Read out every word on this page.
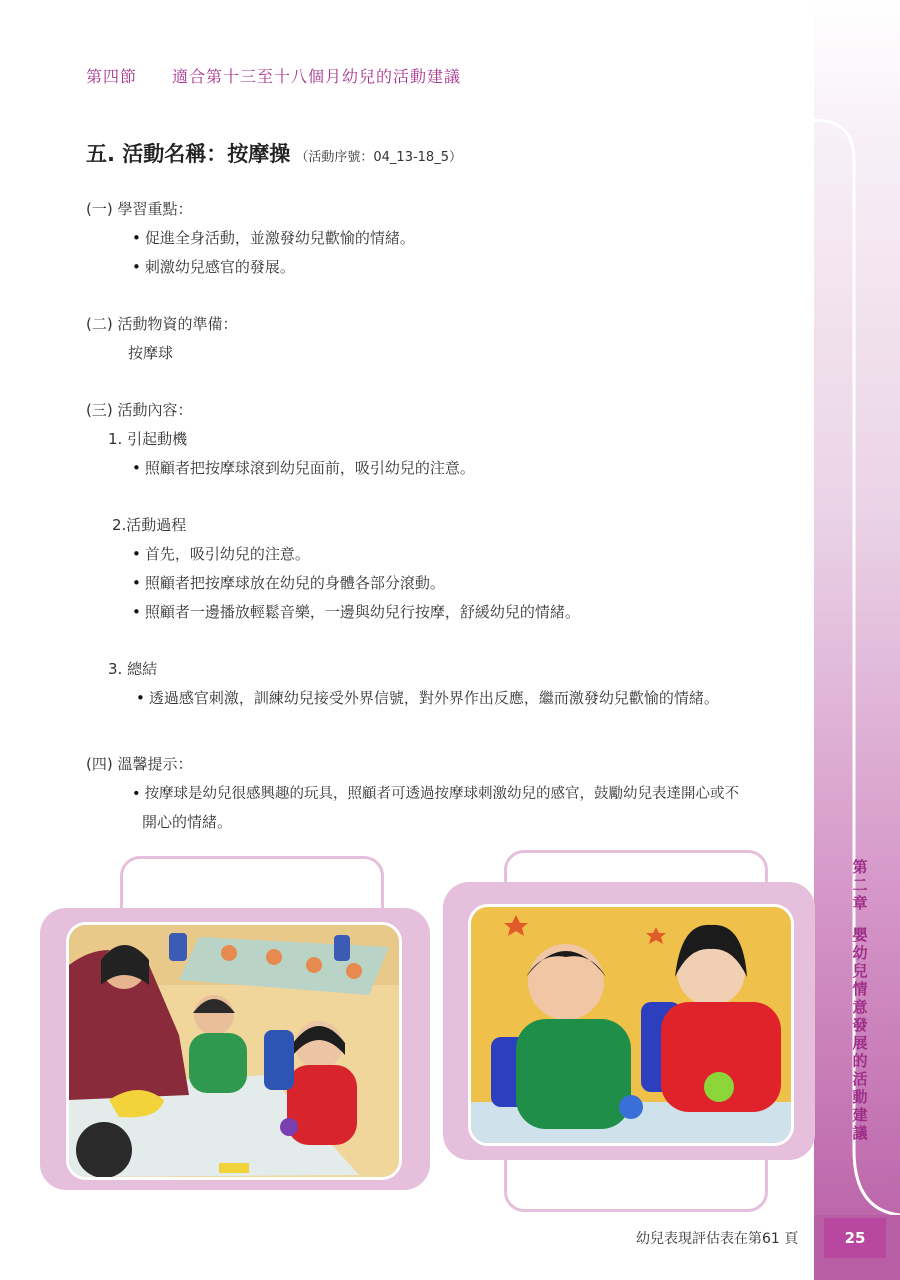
第
二
章
嬰
幼
兒
情
意
發
展
的
活
動
建
議
第四節 適合第十三至十八個月幼兒的活動建議
五. 活動名稱：按摩操 （活動序號：04_13-18_5）
(一) 學習重點：
• 促進全身活動，並激發幼兒歡愉的情緒。
• 刺激幼兒感官的發展。
(二) 活動物資的準備：
按摩球
(三) 活動內容：
1. 引起動機
• 照顧者把按摩球滾到幼兒面前，吸引幼兒的注意。
2.活動過程
• 首先，吸引幼兒的注意。
• 照顧者把按摩球放在幼兒的身體各部分滾動。
• 照顧者一邊播放輕鬆音樂，一邊與幼兒行按摩，舒緩幼兒的情緒。
3. 總結
• 透過感官刺激，訓練幼兒接受外界信號，對外界作出反應，繼而激發幼兒歡愉的情緒。
(四) 溫馨提示：
• 按摩球是幼兒很感興趣的玩具，照顧者可透過按摩球刺激幼兒的感官，鼓勵幼兒表達開心或不
開心的情緒。
幼兒表現評估表在第61 頁	25
